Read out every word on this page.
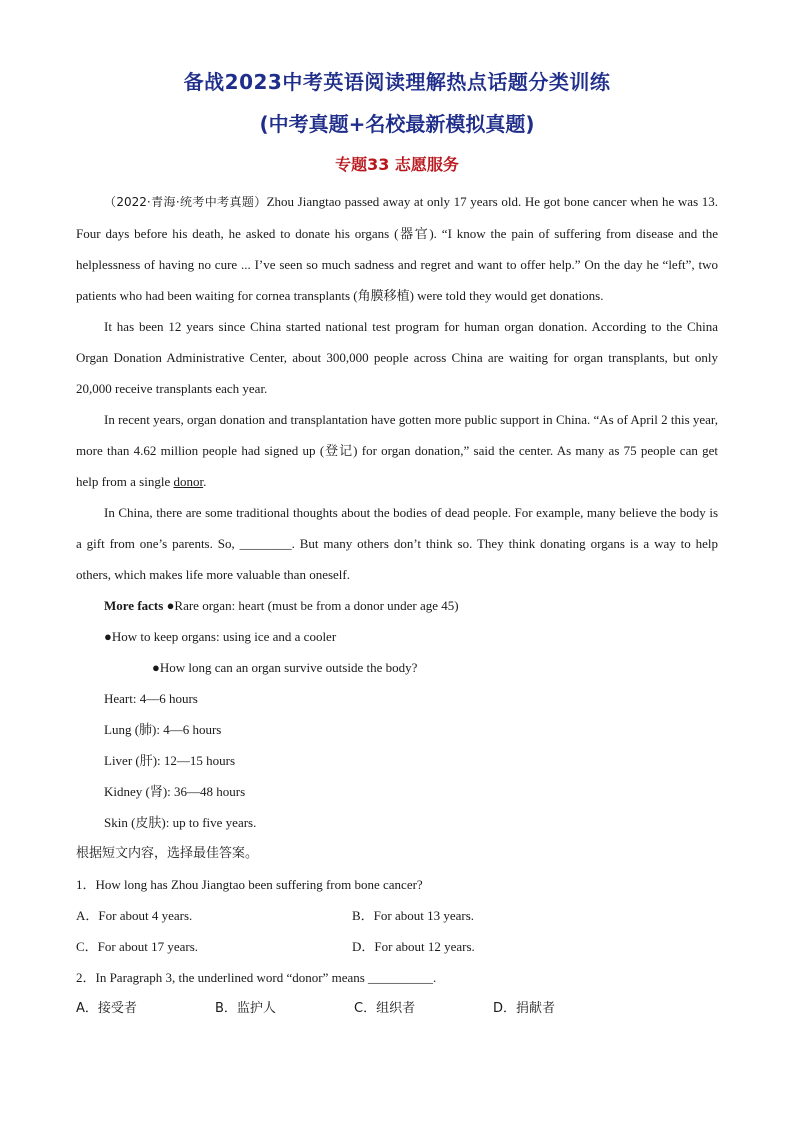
备战2023中考英语阅读理解热点话题分类训练
(中考真题+名校最新模拟真题)
专题33 志愿服务

（2022·青海·统考中考真题）Zhou Jiangtao passed away at only 17 years old. He got bone cancer when he was 13. Four days before his death, he asked to donate his organs (器官). “I know the pain of suffering from disease and the helplessness of having no cure ... I’ve seen so much sadness and regret and want to offer help.” On the day he “left”, two patients who had been waiting for cornea transplants (角膜移植) were told they would get donations.

It has been 12 years since China started national test program for human organ donation. According to the China Organ Donation Administrative Center, about 300,000 people across China are waiting for organ transplants, but only 20,000 receive transplants each year.

In recent years, organ donation and transplantation have gotten more public support in China. “As of April 2 this year, more than 4.62 million people had signed up (登记) for organ donation,” said the center. As many as 75 people can get help from a single donor.

In China, there are some traditional thoughts about the bodies of dead people. For example, many believe the body is a gift from one’s parents. So, ________. But many others don’t think so. They think donating organs is a way to help others, which makes life more valuable than oneself.

More facts ●Rare organ: heart (must be from a donor under age 45)
●How to keep organs: using ice and a cooler
●How long can an organ survive outside the body?
Heart: 4—6 hours
Lung (肺): 4—6 hours
Liver (肝): 12—15 hours
Kidney (肾): 36—48 hours
Skin (皮肤): up to five years.
根据短文内容，选择最佳答案。
1．How long has Zhou Jiangtao been suffering from bone cancer?
A．For about 4 years.	B．For about 13 years.
C．For about 17 years.	D．For about 12 years.
2．In Paragraph 3, the underlined word “donor” means __________.
A．接受者	B．监护人	C．组织者	D．捐献者
